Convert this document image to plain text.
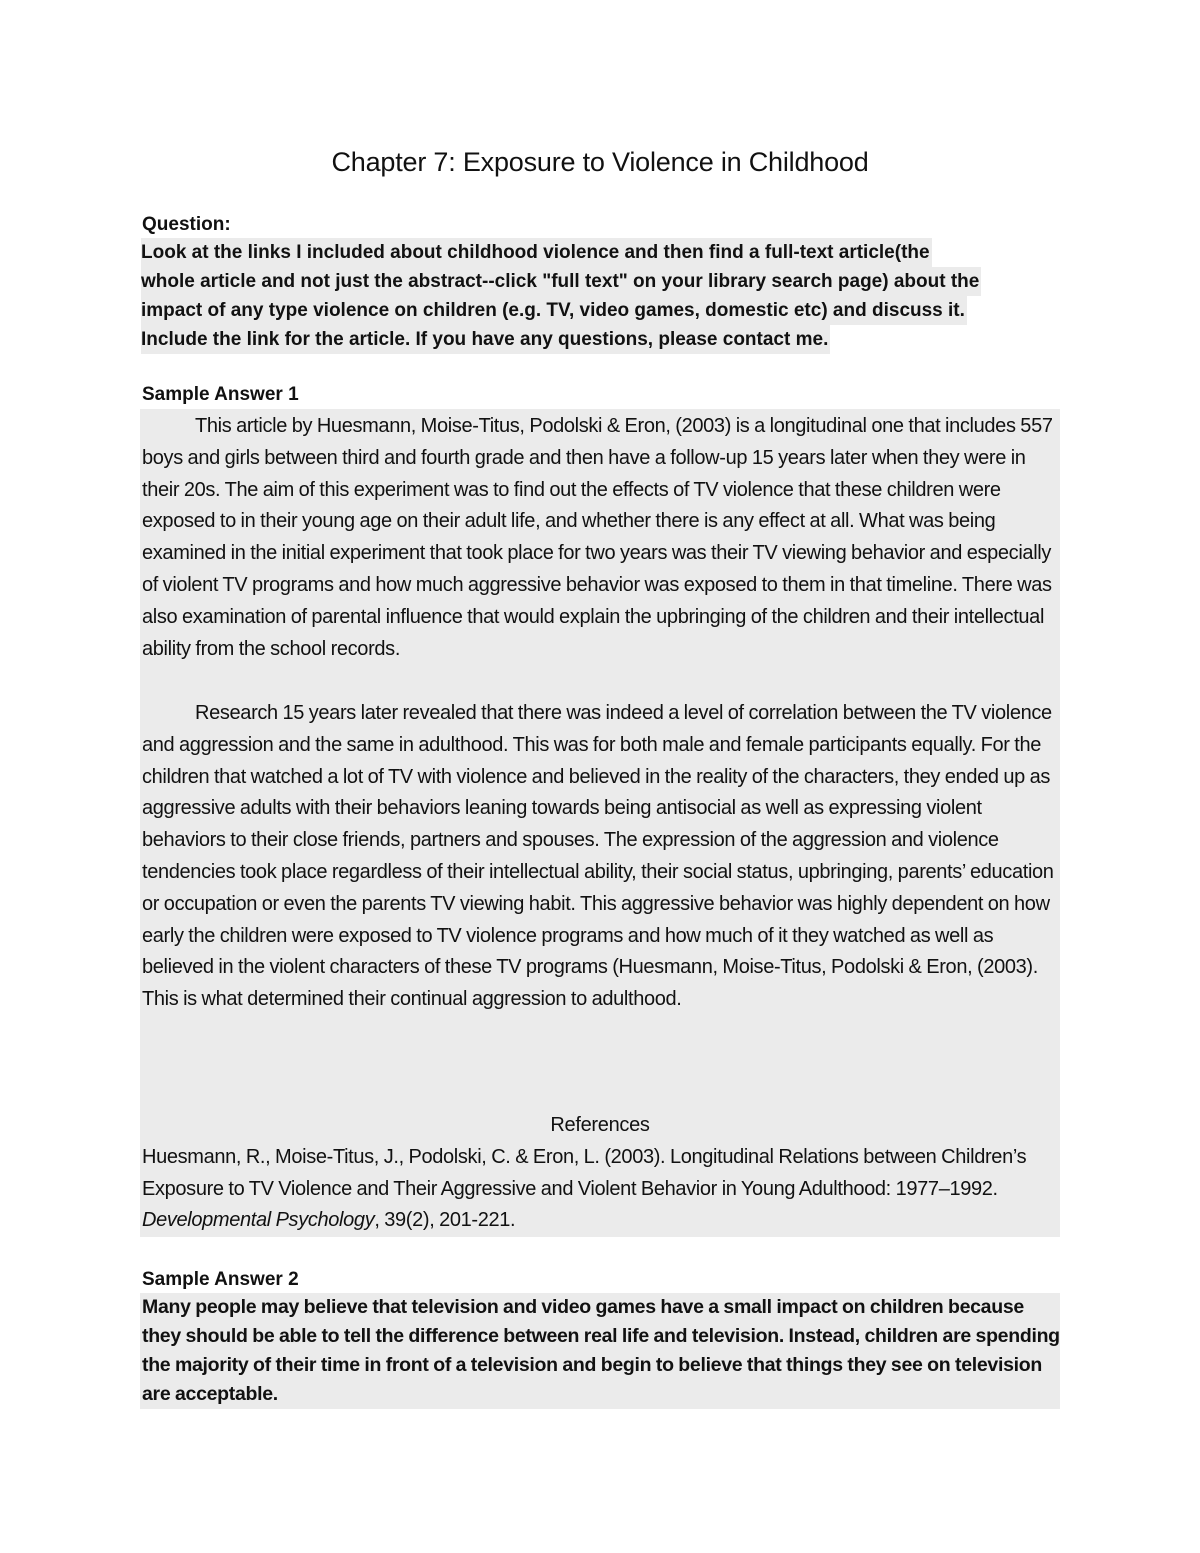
Chapter 7: Exposure to Violence in Childhood
Question:
Look at the links I included about childhood violence and then find a full-text article(the
whole article and not just the abstract--click "full text" on your library search page) about the
impact of any type violence on children (e.g. TV, video games, domestic etc) and discuss it.
Include the link for the article. If you have any questions, please contact me.
Sample Answer 1

This article by Huesmann, Moise-Titus, Podolski & Eron, (2003) is a longitudinal one that includes 557 boys and girls between third and fourth grade and then have a follow-up 15 years later when they were in their 20s. The aim of this experiment was to find out the effects of TV violence that these children were exposed to in their young age on their adult life, and whether there is any effect at all. What was being examined in the initial experiment that took place for two years was their TV viewing behavior and especially of violent TV programs and how much aggressive behavior was exposed to them in that timeline. There was also examination of parental influence that would explain the upbringing of the children and their intellectual ability from the school records.

Research 15 years later revealed that there was indeed a level of correlation between the TV violence and aggression and the same in adulthood. This was for both male and female participants equally. For the children that watched a lot of TV with violence and believed in the reality of the characters, they ended up as aggressive adults with their behaviors leaning towards being antisocial as well as expressing violent behaviors to their close friends, partners and spouses. The expression of the aggression and violence tendencies took place regardless of their intellectual ability, their social status, upbringing, parents’ education or occupation or even the parents TV viewing habit. This aggressive behavior was highly dependent on how early the children were exposed to TV violence programs and how much of it they watched as well as believed in the violent characters of these TV programs (Huesmann, Moise-Titus, Podolski & Eron, (2003). This is what determined their continual aggression to adulthood.

References

Huesmann, R., Moise-Titus, J., Podolski, C. & Eron, L. (2003). Longitudinal Relations between Children’s Exposure to TV Violence and Their Aggressive and Violent Behavior in Young Adulthood: 1977–1992. Developmental Psychology, 39(2), 201-221.

Sample Answer 2

Many people may believe that television and video games have a small impact on children because they should be able to tell the difference between real life and television. Instead, children are spending the majority of their time in front of a television and begin to believe that things they see on television are acceptable.
